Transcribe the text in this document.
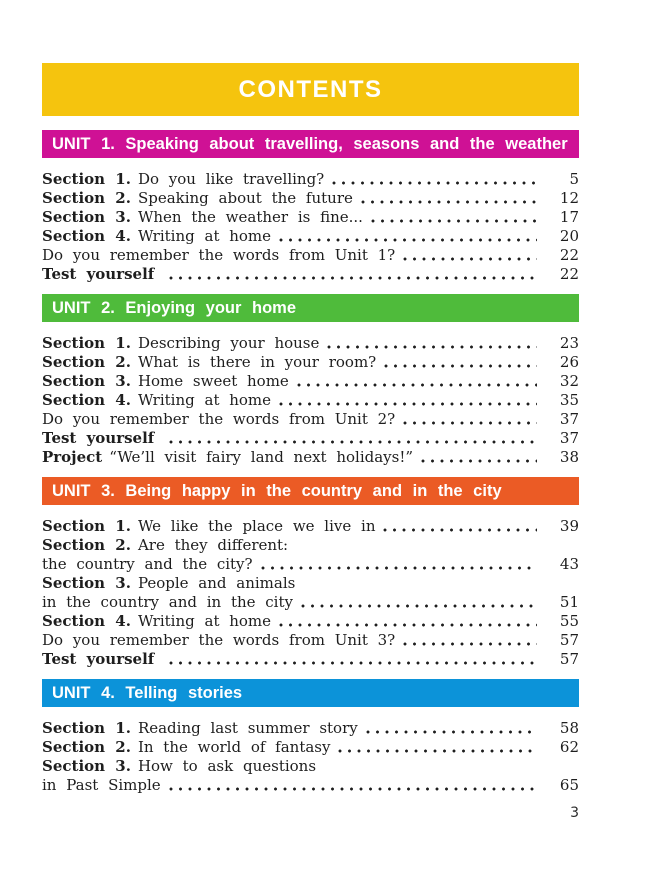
CONTENTS
UNIT 1. Speaking about travelling, seasons and the weather
Section 1. Do you like travelling?	5
Section 2. Speaking about the future	12
Section 3. When the weather is fine...	17
Section 4. Writing at home	20
Do you remember the words from Unit 1?	22
Test yourself	22
UNIT 2. Enjoying your home
Section 1. Describing your house	23
Section 2. What is there in your room?	26
Section 3. Home sweet home	32
Section 4. Writing at home	35
Do you remember the words from Unit 2?	37
Test yourself	37
Project “We’ll visit fairy land next holidays!”	38
UNIT 3. Being happy in the country and in the city
Section 1. We like the place we live in	39
Section 2. Are they different:
the country and the city?	43
Section 3. People and animals
in the country and in the city	51
Section 4. Writing at home	55
Do you remember the words from Unit 3?	57
Test yourself	57
UNIT 4. Telling stories
Section 1. Reading last summer story	58
Section 2. In the world of fantasy	62
Section 3. How to ask questions
in Past Simple	65
3
